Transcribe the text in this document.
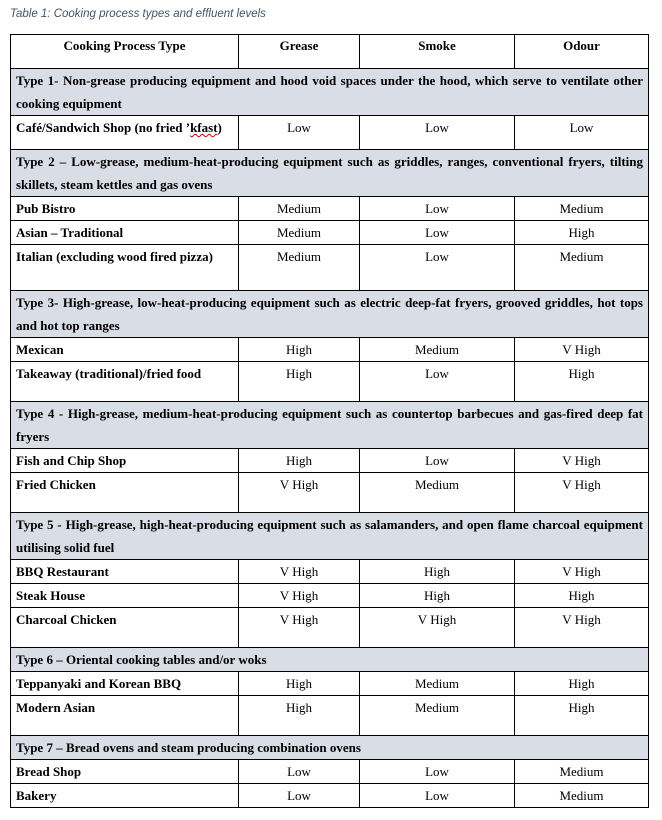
Table 1: Cooking process types and effluent levels
Cooking Process Type	Grease	Smoke	Odour
Type 1- Non-grease producing equipment and hood void spaces under the hood, which serve to ventilate other cooking equipment			
Café/Sandwich Shop (no fried ’kfast)	Low	Low	Low
Type 2 – Low-grease, medium-heat-producing equipment such as griddles, ranges, conventional fryers, tilting skillets, steam kettles and gas ovens			
Pub Bistro	Medium	Low	Medium
Asian – Traditional	Medium	Low	High
Italian (excluding wood fired pizza)	Medium	Low	Medium
Type 3- High-grease, low-heat-producing equipment such as electric deep-fat fryers, grooved griddles, hot tops and hot top ranges			
Mexican	High	Medium	V High
Takeaway (traditional)/fried food	High	Low	High
Type 4 - High-grease, medium-heat-producing equipment such as countertop barbecues and gas-fired deep fat fryers			
Fish and Chip Shop	High	Low	V High
Fried Chicken	V High	Medium	V High
Type 5 - High-grease, high-heat-producing equipment such as salamanders, and open flame charcoal equipment utilising solid fuel			
BBQ Restaurant	V High	High	V High
Steak House	V High	High	High
Charcoal Chicken	V High	V High	V High
Type 6 – Oriental cooking tables and/or woks			
Teppanyaki and Korean BBQ	High	Medium	High
Modern Asian	High	Medium	High
Type 7 – Bread ovens and steam producing combination ovens			
Bread Shop	Low	Low	Medium
Bakery	Low	Low	Medium
